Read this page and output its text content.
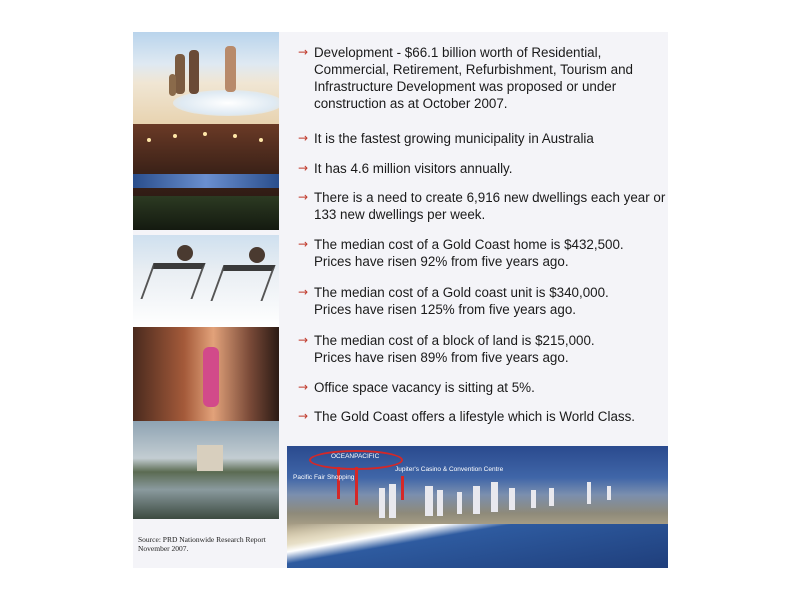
→ Development - $66.1 billion worth of Residential, Commercial, Retirement, Refurbishment, Tourism and Infrastructure Development was proposed or under construction as at October 2007.
→ It is the fastest growing municipality in Australia
→ It has 4.6 million visitors annually.
→ There is a need to create 6,916 new dwellings each year or 133 new dwellings per week.
→ The median cost of a Gold Coast home is $432,500. Prices have risen 92% from five years ago.
→ The median cost of a Gold coast unit is $340,000. Prices have risen 125% from five years ago.
→ The median cost of a block of land is $215,000. Prices have risen 89% from five years ago.
→ Office space vacancy is sitting at 5%.
→ The Gold Coast offers a lifestyle which is World Class.
Source: PRD Nationwide Research Report
November 2007.
OCEANPACIFIC
Jupiter's Casino & Convention Centre
Pacific Fair Shopping
